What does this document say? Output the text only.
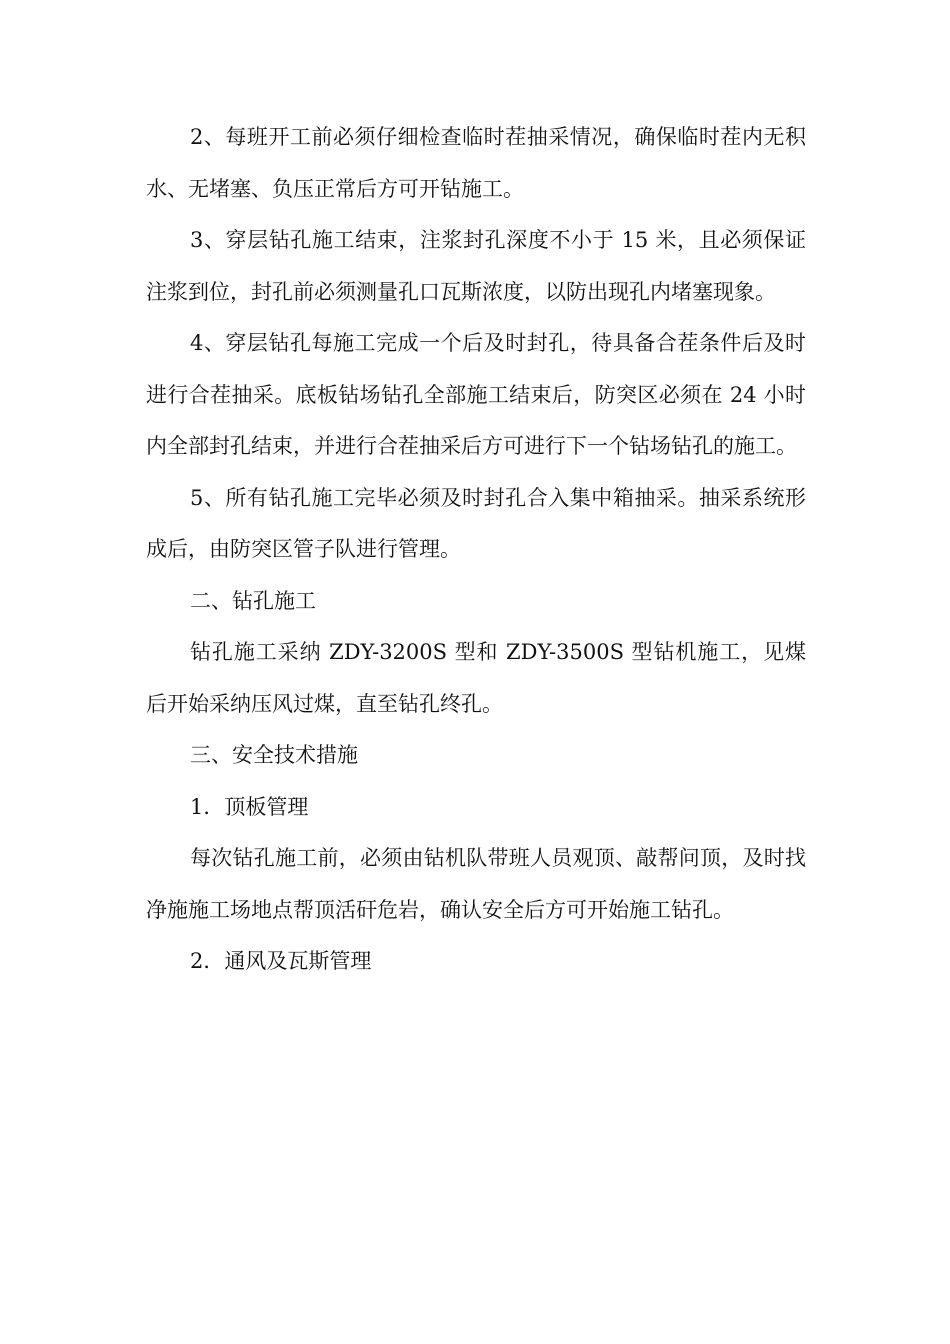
2、每班开工前必须仔细检查临时茬抽采情况，确保临时茬内无积水、无堵塞、负压正常后方可开钻施工。

3、穿层钻孔施工结束，注浆封孔深度不小于 15 米，且必须保证注浆到位，封孔前必须测量孔口瓦斯浓度，以防出现孔内堵塞现象。

4、穿层钻孔每施工完成一个后及时封孔，待具备合茬条件后及时进行合茬抽采。底板钻场钻孔全部施工结束后，防突区必须在 24 小时内全部封孔结束，并进行合茬抽采后方可进行下一个钻场钻孔的施工。

5、所有钻孔施工完毕必须及时封孔合入集中箱抽采。抽采系统形成后，由防突区管子队进行管理。

二、钻孔施工

钻孔施工采纳 ZDY-3200S 型和 ZDY-3500S 型钻机施工，见煤后开始采纳压风过煤，直至钻孔终孔。

三、安全技术措施

1．顶板管理

每次钻孔施工前，必须由钻机队带班人员观顶、敲帮问顶，及时找净施施工场地点帮顶活矸危岩，确认安全后方可开始施工钻孔。

2．通风及瓦斯管理
